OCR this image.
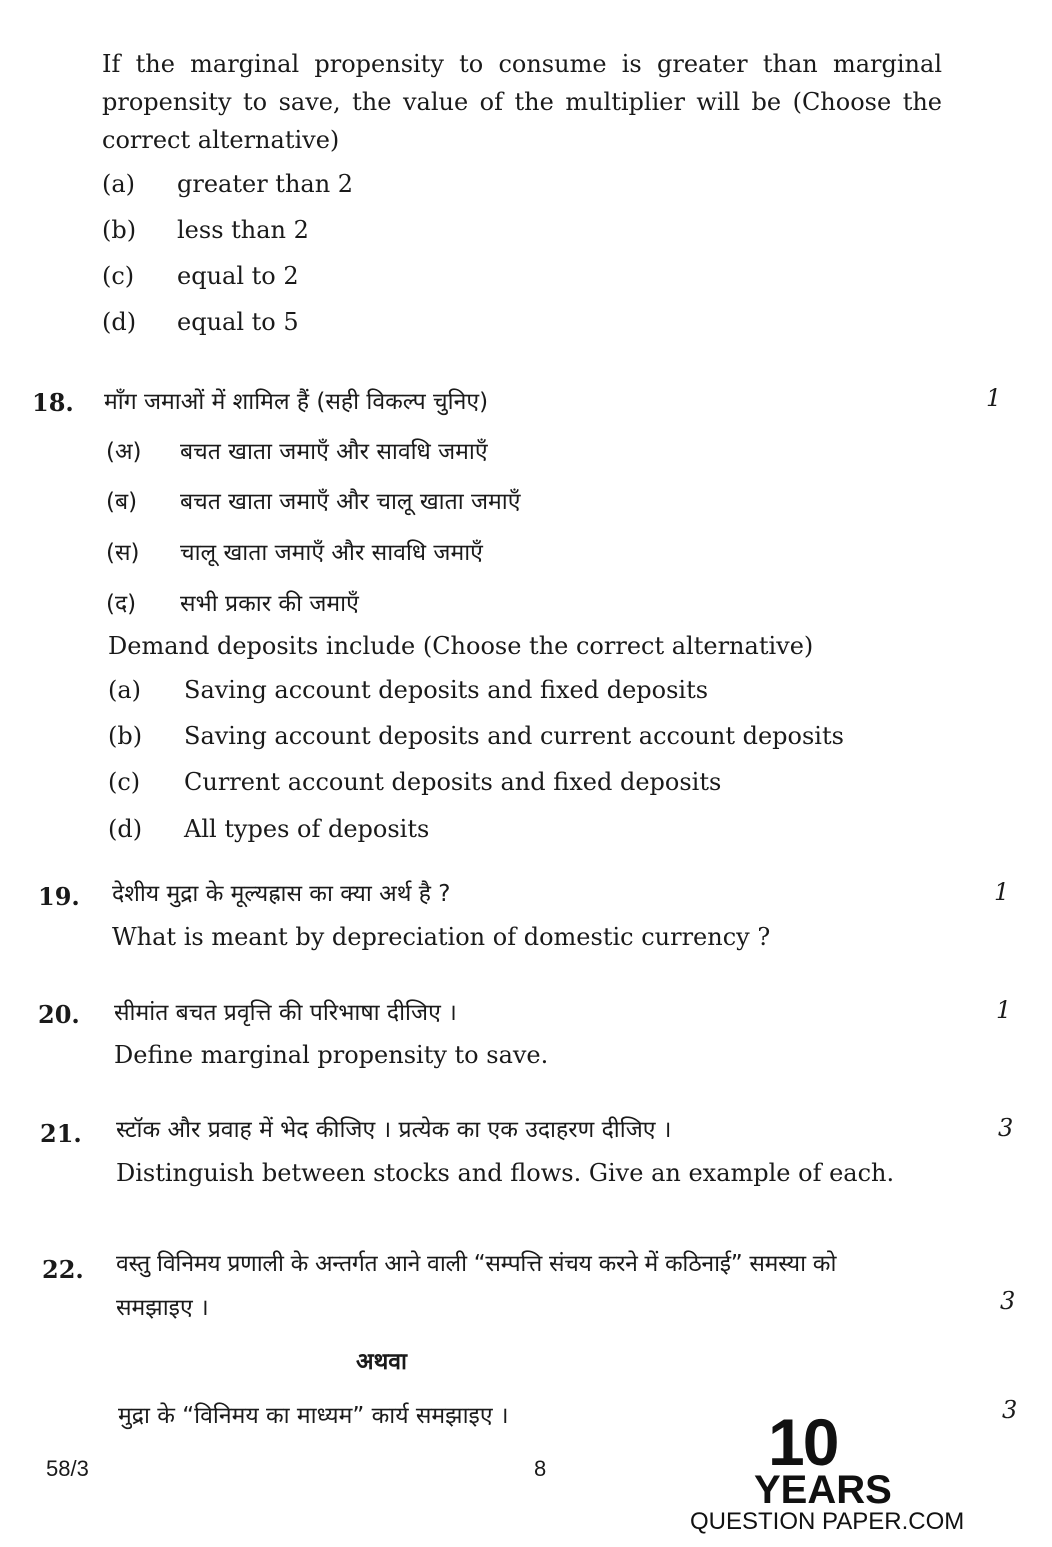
If the marginal propensity to consume is greater than marginal propensity to save, the value of the multiplier will be (Choose the correct alternative)
(a) greater than 2
(b) less than 2
(c) equal to 2
(d) equal to 5
18. माँग जमाओं में शामिल हैं (सही विकल्प चुनिए)	1
(अ) बचत खाता जमाएँ और सावधि जमाएँ
(ब) बचत खाता जमाएँ और चालू खाता जमाएँ
(स) चालू खाता जमाएँ और सावधि जमाएँ
(द) सभी प्रकार की जमाएँ
Demand deposits include (Choose the correct alternative)
(a) Saving account deposits and fixed deposits
(b) Saving account deposits and current account deposits
(c) Current account deposits and fixed deposits
(d) All types of deposits
19. देशीय मुद्रा के मूल्यह्रास का क्या अर्थ है ?	1
What is meant by depreciation of domestic currency ?
20. सीमांत बचत प्रवृत्ति की परिभाषा दीजिए ।	1
Define marginal propensity to save.
21. स्टॉक और प्रवाह में भेद कीजिए । प्रत्येक का एक उदाहरण दीजिए ।	3
Distinguish between stocks and flows. Give an example of each.
22. वस्तु विनिमय प्रणाली के अन्तर्गत आने वाली “सम्पत्ति संचय करने में कठिनाई” समस्या को
समझाइए ।	3
अथवा
मुद्रा के “विनिमय का माध्यम” कार्य समझाइए ।	3
58/3	8	10
YEARS
QUESTION PAPER.COM
